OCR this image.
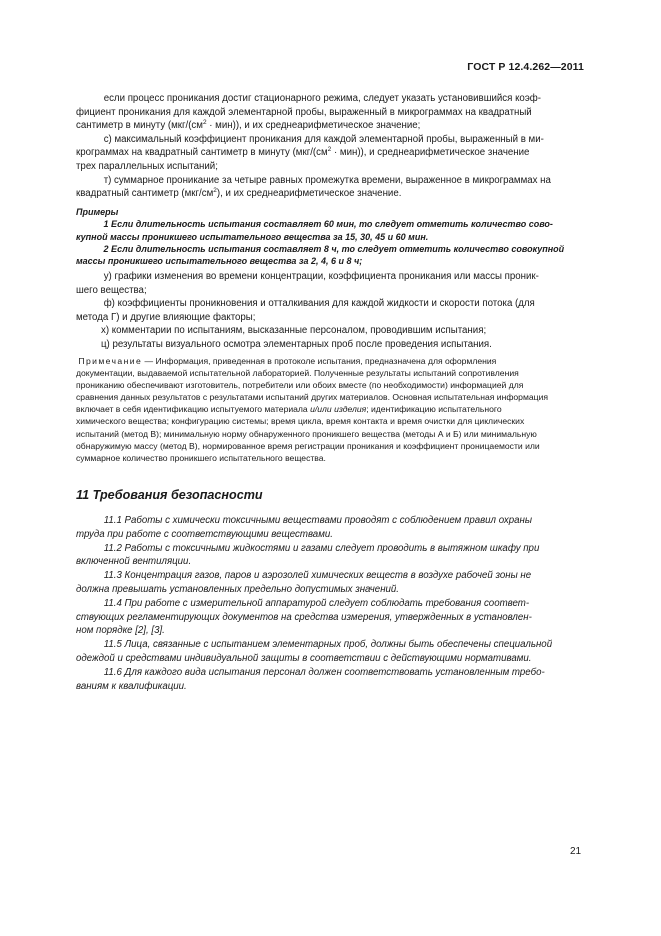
ГОСТ Р 12.4.262—2011

если процесс проникания достиг стационарного режима, следует указать установившийся коэф-
фициент проникания для каждой элементарной пробы, выраженный в микрограммах на квадратный
сантиметр в минуту $(мкг/(см^2 \cdot мин))$, и их среднеарифметическое значение;

с) максимальный коэффициент проникания для каждой элементарной пробы, выраженный в ми-
крограммах на квадратный сантиметр в минуту $(мкг/(см^2 \cdot мин))$, и среднеарифметическое значение
трех параллельных испытаний;

т) суммарное проникание за четыре равных промежутка времени, выраженное в микрограммах на
квадратный сантиметр $(мкг/см^2)$, и их среднеарифметическое значение.

Примеры

1 Если длительность испытания составляет 60 мин, то следует отметить количество сово-
купной массы проникшего испытательного вещества за 15, 30, 45 и 60 мин.

2 Если длительность испытания составляет 8 ч, то следует отметить количество совокупной
массы проникшего испытательного вещества за 2, 4, 6 и 8 ч;

у) графики изменения во времени концентрации, коэффициента проникания или массы проник-
шего вещества;

ф) коэффициенты проникновения и отталкивания для каждой жидкости и скорости потока (для
метода Г) и другие влияющие факторы;

х) комментарии по испытаниям, высказанные персоналом, проводившим испытания;

ц) результаты визуального осмотра элементарных проб после проведения испытания.

Примечание — Информация, приведенная в протоколе испытания, предназначена для оформления
документации, выдаваемой испытательной лабораторией. Полученные результаты испытаний сопротивления
прониканию обеспечивают изготовитель, потребители или обоих вместе (по необходимости) информацией для
сравнения данных результатов с результатами испытаний других материалов. Основная испытательная информация
включает в себя идентификацию испытуемого материала и/или изделия; идентификацию испытательного
химического вещества; конфигурацию системы; время цикла, время контакта и время очистки для циклических
испытаний (метод В); минимальную норму обнаруженного проникшего вещества (методы А и Б) или минимальную
обнаружимую массу (метод В), нормированное время регистрации проникания и коэффициент проницаемости или
суммарное количество проникшего испытательного вещества.

11 Требования безопасности

11.1 Работы с химически токсичными веществами проводят с соблюдением правил охраны
труда при работе с соответствующими веществами.

11.2 Работы с токсичными жидкостями и газами следует проводить в вытяжном шкафу при
включенной вентиляции.

11.3 Концентрация газов, паров и аэрозолей химических веществ в воздухе рабочей зоны не
должна превышать установленных предельно допустимых значений.

11.4 При работе с измерительной аппаратурой следует соблюдать требования соответ-
ствующих регламентирующих документов на средства измерения, утвержденных в установлен-
ном порядке [2], [3].

11.5 Лица, связанные с испытанием элементарных проб, должны быть обеспечены специальной
одеждой и средствами индивидуальной защиты в соответствии с действующими нормативами.

11.6 Для каждого вида испытания персонал должен соответствовать установленным требо-
ваниям к квалификации.

21
